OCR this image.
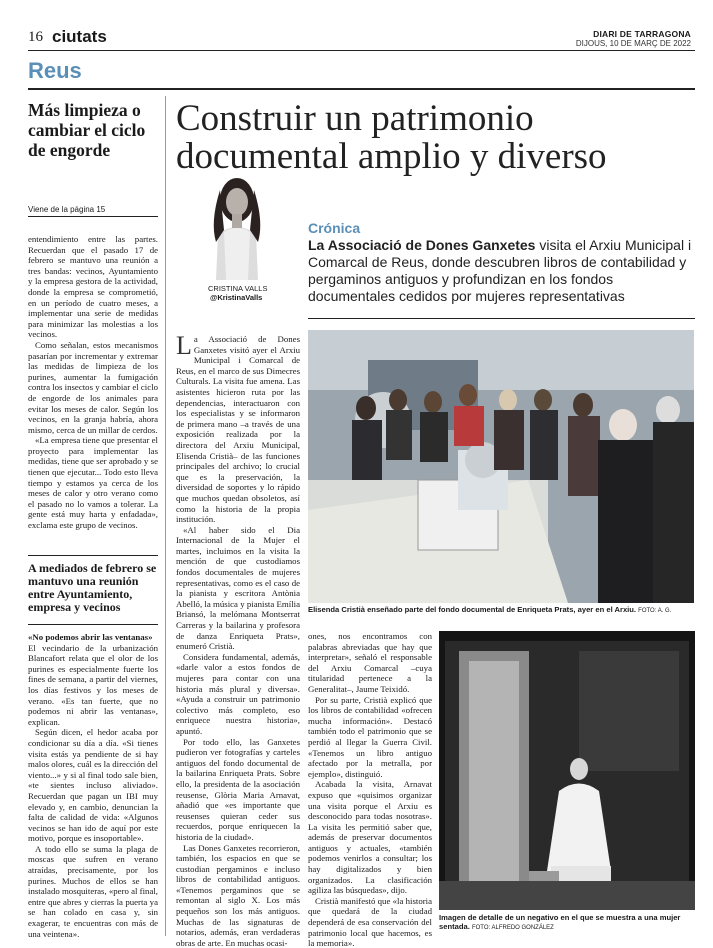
16 ciutats	DIARI DE TARRAGONA
DIJOUS, 10 DE MARÇ DE 2022
Reus
Más limpieza o cambiar el ciclo de engorde
Viene de la página 15

entendimiento entre las partes. Recuerdan que el pasado 17 de febrero se mantuvo una reunión a tres bandas: vecinos, Ayuntamiento y la empresa gestora de la actividad, donde la empresa se comprometió, en un período de cuatro meses, a implementar una serie de medidas para minimizar las molestias a los vecinos.

Como señalan, estos mecanismos pasarían por incrementar y extremar las medidas de limpieza de los purines, aumentar la fumigación contra los insectos y cambiar el ciclo de engorde de los animales para evitar los meses de calor. Según los vecinos, en la granja habría, ahora mismo, cerca de un millar de cerdos.

«La empresa tiene que presentar el proyecto para implementar las medidas, tiene que ser aprobado y se tienen que ejecutar... Todo esto lleva tiempo y estamos ya cerca de los meses de calor y otro verano como el pasado no lo vamos a tolerar. La gente está muy harta y enfadada», exclama este grupo de vecinos.

A mediados de febrero se mantuvo una reunión entre Ayuntamiento, empresa y vecinos

«No podemos abrir las ventanas»

El vecindario de la urbanización Blancafort relata que el olor de los purines es especialmente fuerte los fines de semana, a partir del viernes, los días festivos y los meses de verano. «Es tan fuerte, que no podemos ni abrir las ventanas», explican.

Según dicen, el hedor acaba por condicionar su día a día. «Si tienes visita estás ya pendiente de si hay malos olores, cuál es la dirección del viento...» y si al final todo sale bien, «te sientes incluso aliviado». Recuerdan que pagan un IBI muy elevado y, en cambio, denuncian la falta de calidad de vida: «Algunos vecinos se han ido de aquí por este motivo, porque es insoportable».

A todo ello se suma la plaga de moscas que sufren en verano atraídas, precisamente, por los purines. Muchos de ellos se han instalado mosquiteras, «pero al final, entre que abres y cierras la puerta ya se han colado en casa y, sin exagerar, te encuentras con más de una veintena».

Construir un patrimonio documental amplio y diverso
CRISTINA VALLS
@KristinaValls
Crónica
La Associació de Dones Ganxetes visita el Arxiu Municipal i Comarcal de Reus, donde descubren libros de contabilidad y pergaminos antiguos y profundizan en los fondos documentales cedidos por mujeres representativas

La Associació de Dones Ganxetes visitó ayer el Arxiu Municipal i Comarcal de Reus, en el marco de sus Dimecres Culturals. La visita fue amena. Las asistentes hicieron ruta por las dependencias, interactuaron con los especialistas y se informaron de primera mano –a través de una exposición realizada por la directora del Arxiu Municipal, Elisenda Cristià– de las funciones principales del archivo; lo crucial que es la preservación, la diversidad de soportes y lo rápido que muchos quedan obsoletos, así como la historia de la propia institución.

«Al haber sido el Dia Internacional de la Mujer el martes, incluimos en la visita la mención de que custodiamos fondos documentales de mujeres representativas, como es el caso de la pianista y escritora Antònia Abelló, la música y pianista Emília Briansó, la melómana Montserrat Carreras y la bailarina y profesora de danza Enriqueta Prats», enumeró Cristià.

Considera fundamental, además, «darle valor a estos fondos de mujeres para contar con una historia más plural y diversa». «Ayuda a construir un patrimonio colectivo más completo, eso enriquece nuestra historia», apuntó.

Por todo ello, las Ganxetes pudieron ver fotografías y carteles antiguos del fondo documental de la bailarina Enriqueta Prats. Sobre ello, la presidenta de la asociación reusense, Glòria Maria Arnavat, añadió que «es importante que reusenses quieran ceder sus recuerdos, porque enriquecen la historia de la ciudad».

Las Dones Ganxetes recorrieron, también, los espacios en que se custodian pergaminos e incluso libros de contabilidad antiguos. «Tenemos pergaminos que se remontan al siglo X. Los más pequeños son los más antiguos. Muchas de las signaturas de notarios, además, eran verdaderas obras de arte. En muchas ocasi-

Elisenda Cristià enseñado parte del fondo documental de Enriqueta Prats, ayer en el Arxiu. FOTO: A. G.

ones, nos encontramos con palabras abreviadas que hay que interpretar», señaló el responsable del Arxiu Comarcal –cuya titularidad pertenece a la Generalitat–, Jaume Teixidó.

Por su parte, Cristià explicó que los libros de contabilidad «ofrecen mucha información». Destacó también todo el patrimonio que se perdió al llegar la Guerra Civil. «Tenemos un libro antiguo afectado por la metralla, por ejemplo», distinguió.

Acabada la visita, Arnavat expuso que «quisimos organizar una visita porque el Arxiu es desconocido para todas nosotras». La visita les permitió saber que, además de preservar documentos antiguos y actuales, «también podemos venirlos a consultar; los hay digitalizados y bien organizados. La clasificación agiliza las búsquedas», dijo.

Cristià manifestó que «la historia que quedará de la ciudad dependerá de esa conservación del patrimonio local que hacemos, es la memoria».

Imagen de detalle de un negativo en el que se muestra a una mujer sentada. FOTO: ALFREDO GONZÁLEZ
